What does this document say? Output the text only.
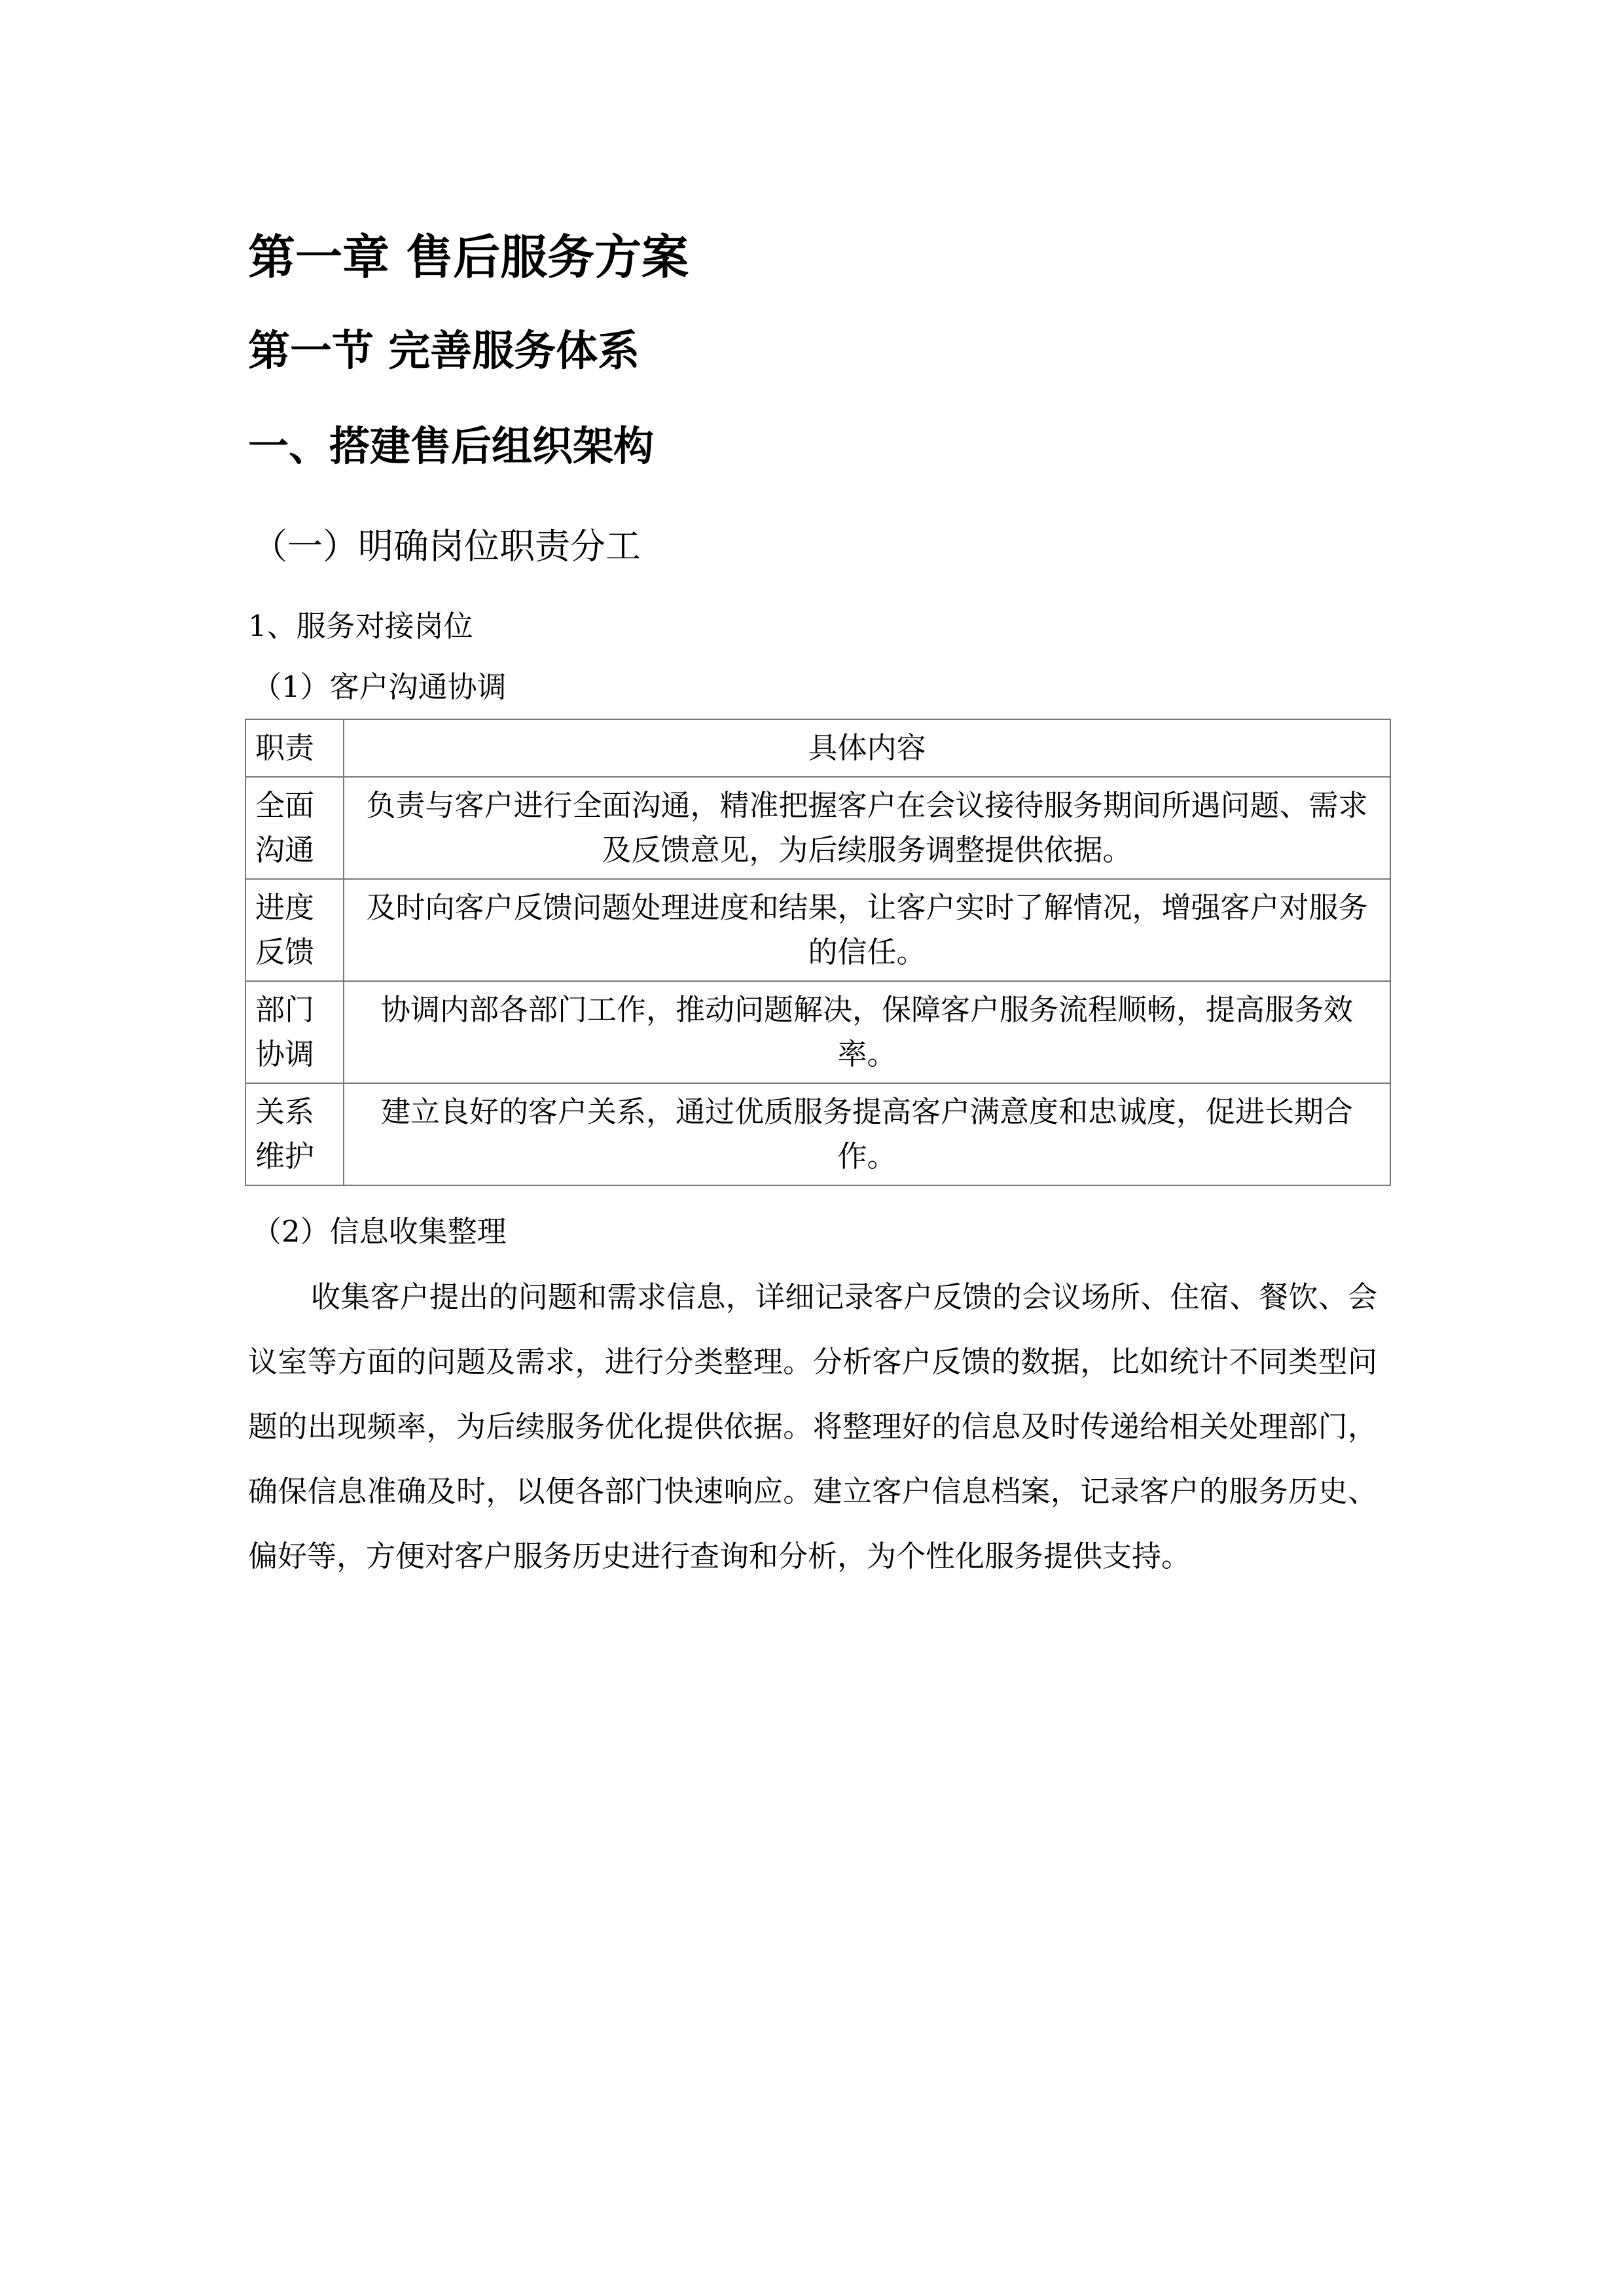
第一章 售后服务方案
第一节 完善服务体系
一、搭建售后组织架构
（一）明确岗位职责分工
1、服务对接岗位
（1）客户沟通协调
职责	具体内容
全面沟通	负责与客户进行全面沟通，精准把握客户在会议接待服务期间所遇问题、需求及反馈意见，为后续服务调整提供依据。
进度反馈	及时向客户反馈问题处理进度和结果，让客户实时了解情况，增强客户对服务的信任。
部门协调	协调内部各部门工作，推动问题解决，保障客户服务流程顺畅，提高服务效率。
关系维护	建立良好的客户关系，通过优质服务提高客户满意度和忠诚度，促进长期合作。
（2）信息收集整理
收集客户提出的问题和需求信息，详细记录客户反馈的会议场所、住宿、餐饮、会议室等方面的问题及需求，进行分类整理。分析客户反馈的数据，比如统计不同类型问题的出现频率，为后续服务优化提供依据。将整理好的信息及时传递给相关处理部门，确保信息准确及时，以便各部门快速响应。建立客户信息档案，记录客户的服务历史、偏好等，方便对客户服务历史进行查询和分析，为个性化服务提供支持。
